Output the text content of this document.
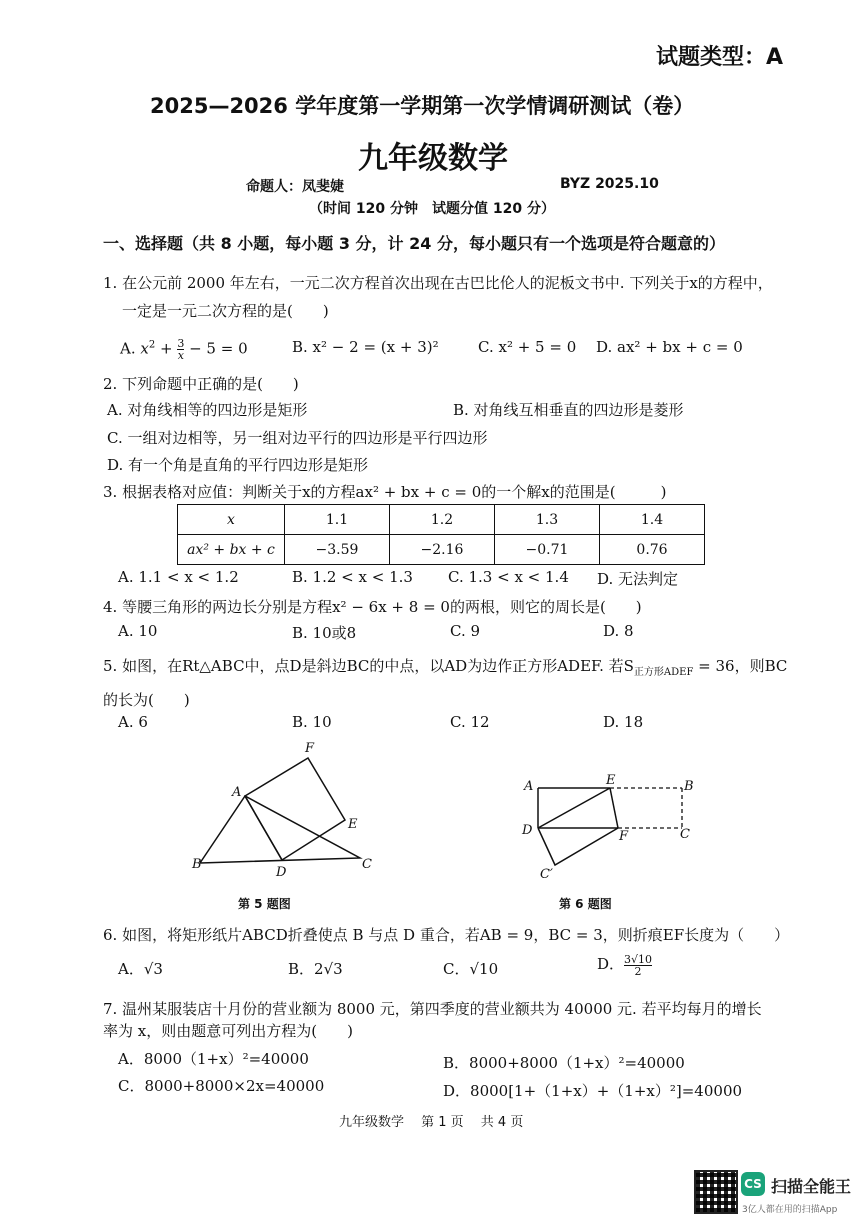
试题类型：A
2025—2026 学年度第一学期第一次学情调研测试（卷）
九年级数学
命题人：凤斐婕	BYZ 2025.10
（时间 120 分钟　试题分值 120 分）
一、选择题（共 8 小题，每小题 3 分，计 24 分，每小题只有一个选项是符合题意的）
1. 在公元前 2000 年左右，一元二次方程首次出现在古巴比伦人的泥板文书中. 下列关于x的方程中，
一定是一元二次方程的是(　　)
A. $x^2 + \frac{3}{x} - 5 = 0$	B. x² − 2 = (x + 3)²	C. x² + 5 = 0 D. ax² + bx + c = 0
2. 下列命题中正确的是(　　)
A. 对角线相等的四边形是矩形	B. 对角线互相垂直的四边形是菱形
C. 一组对边相等，另一组对边平行的四边形是平行四边形
D. 有一个角是直角的平行四边形是矩形
3. 根据表格对应值：判断关于x的方程ax² + bx + c = 0的一个解x的范围是(　　　)
x	1.1	1.2	1.3	1.4
ax² + bx + c	−3.59	−2.16	−0.71	0.76
A. 1.1 < x < 1.2	B. 1.2 < x < 1.3 C. 1.3 < x < 1.4 D. 无法判定
4. 等腰三角形的两边长分别是方程x² − 6x + 8 = 0的两根，则它的周长是(　　)
A. 10	B. 10或8	C. 9	D. 8
5. 如图，在Rt△ABC中，点D是斜边BC的中点，以AD为边作正方形ADEF. 若$S_{正方形ADEF} = 36$，则BC
的长为(　　)
A. 6	B. 10	C. 12	D. 18
F
A
E
B
D
C
第 5 题图
A	E	B
D	F	C
C′
第 6 题图
6. 如图，将矩形纸片ABCD折叠使点 B 与点 D 重合，若AB = 9，BC = 3，则折痕EF长度为（　　）
A．√3	B．2√3	C．√10	D． $\frac{3√10}{2}$
7. 温州某服装店十月份的营业额为 8000 元，第四季度的营业额共为 40000 元. 若平均每月的增长
率为 x，则由题意可列出方程为(　　)
A．8000（1+x）²=40000	B．8000+8000（1+x）²=40000
C．8000+8000×2x=40000	D．8000[1+（1+x）+（1+x）²]=40000
九年级数学　 第 1 页　 共 4 页
CS 扫描全能王
3亿人都在用的扫描App
